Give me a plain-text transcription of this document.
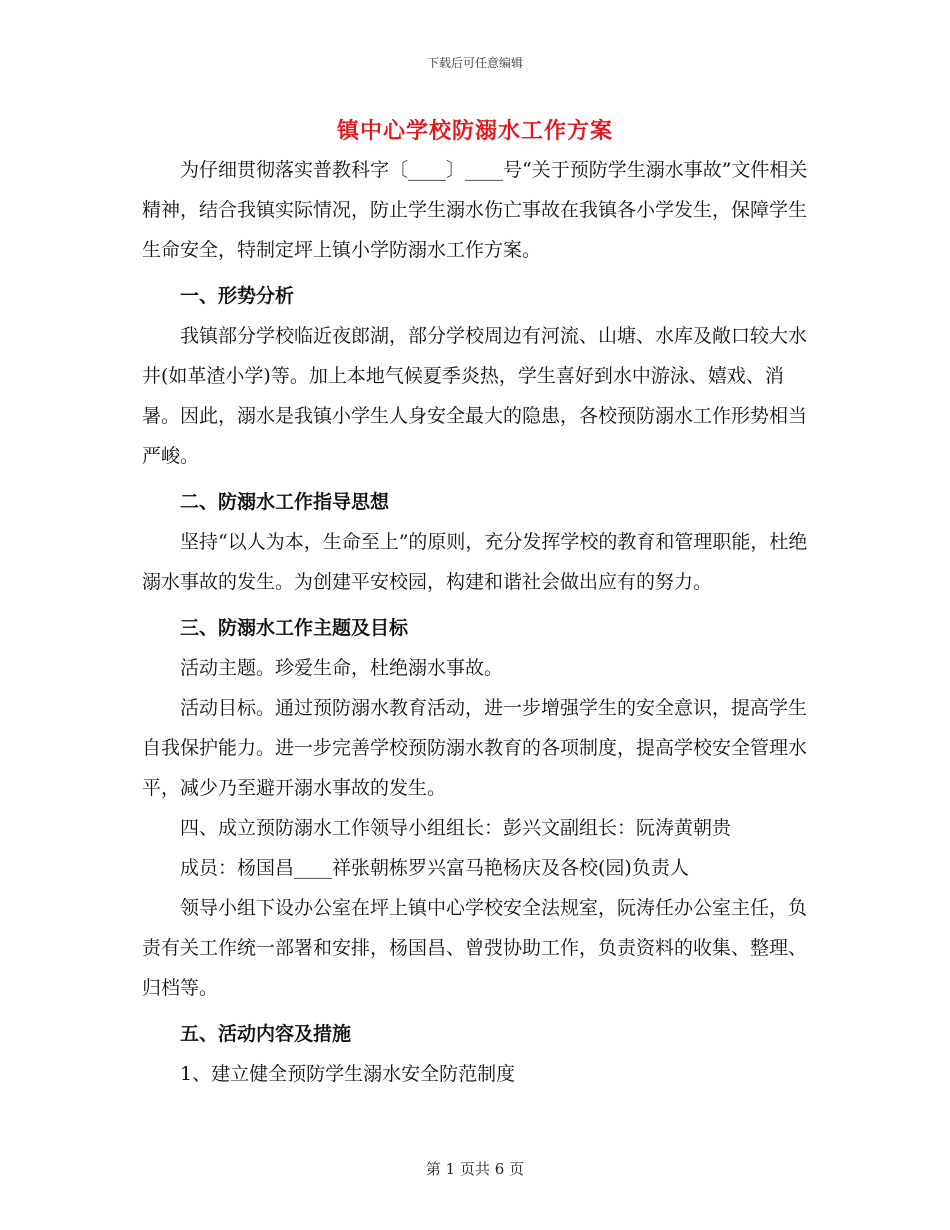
下载后可任意编辑
镇中心学校防溺水工作方案

为仔细贯彻落实普教科字〔____〕____号“关于预防学生溺水事故”文件相关精神，结合我镇实际情况，防止学生溺水伤亡事故在我镇各小学发生，保障学生生命安全，特制定坪上镇小学防溺水工作方案。

一、形势分析

我镇部分学校临近夜郎湖，部分学校周边有河流、山塘、水库及敞口较大水井(如革渣小学)等。加上本地气候夏季炎热，学生喜好到水中游泳、嬉戏、消暑。因此，溺水是我镇小学生人身安全最大的隐患，各校预防溺水工作形势相当严峻。

二、防溺水工作指导思想

坚持“以人为本，生命至上”的原则，充分发挥学校的教育和管理职能，杜绝溺水事故的发生。为创建平安校园，构建和谐社会做出应有的努力。

三、防溺水工作主题及目标

活动主题。珍爱生命，杜绝溺水事故。

活动目标。通过预防溺水教育活动，进一步增强学生的安全意识，提高学生自我保护能力。进一步完善学校预防溺水教育的各项制度，提高学校安全管理水平，减少乃至避开溺水事故的发生。

四、成立预防溺水工作领导小组组长：彭兴文副组长：阮涛黄朝贵

成员：杨国昌____祥张朝栋罗兴富马艳杨庆及各校(园)负责人

领导小组下设办公室在坪上镇中心学校安全法规室，阮涛任办公室主任，负责有关工作统一部署和安排，杨国昌、曾弢协助工作，负责资料的收集、整理、归档等。

五、活动内容及措施

1、建立健全预防学生溺水安全防范制度

第 1 页共 6 页
